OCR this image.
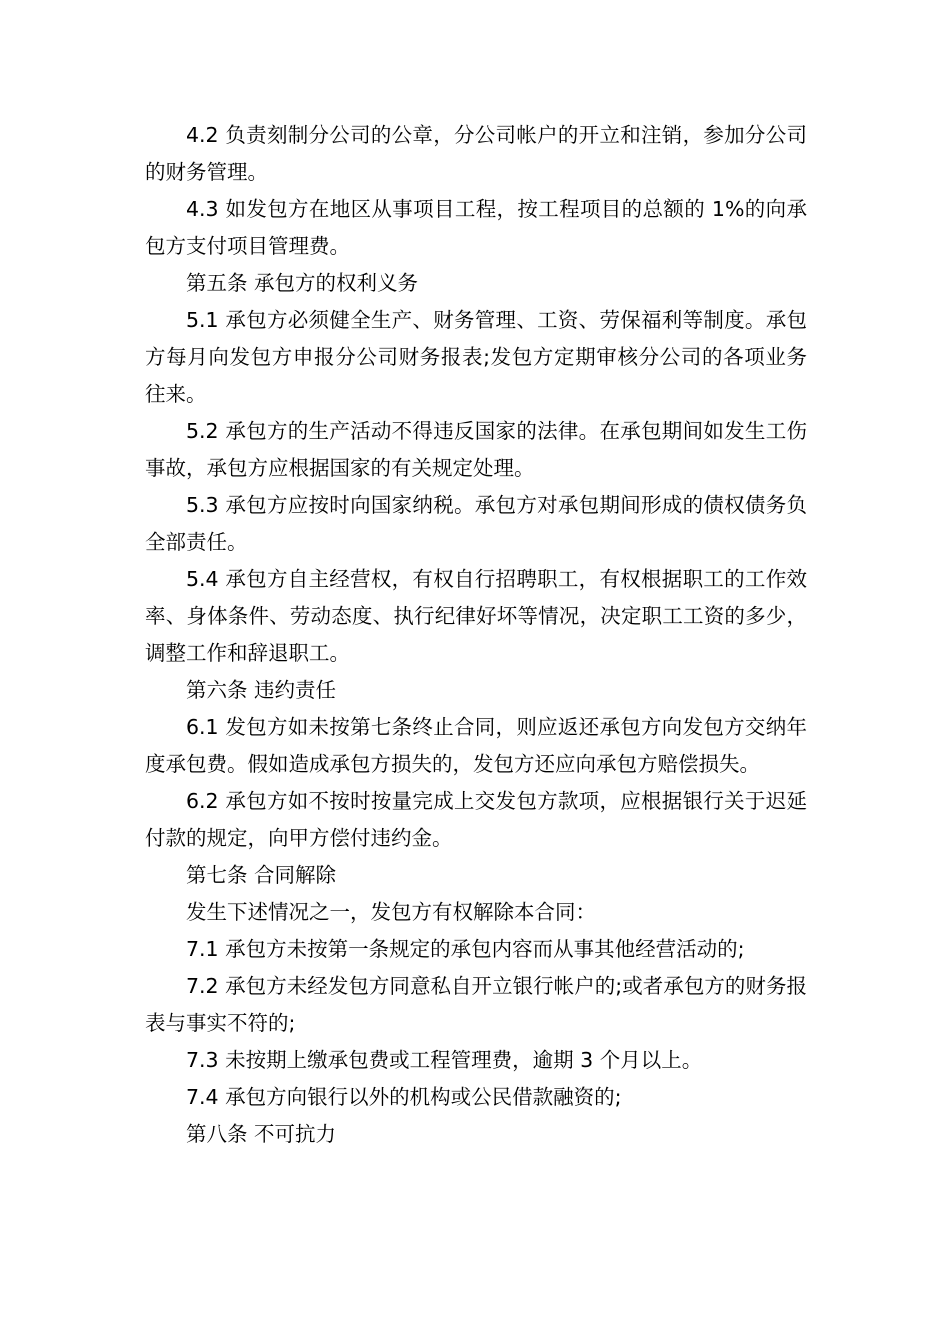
4.2 负责刻制分公司的公章，分公司帐户的开立和注销，参加分公司的财务管理。

4.3 如发包方在地区从事项目工程，按工程项目的总额的 1%的向承包方支付项目管理费。

第五条 承包方的权利义务

5.1 承包方必须健全生产、财务管理、工资、劳保福利等制度。承包方每月向发包方申报分公司财务报表;发包方定期审核分公司的各项业务往来。

5.2 承包方的生产活动不得违反国家的法律。在承包期间如发生工伤事故，承包方应根据国家的有关规定处理。

5.3 承包方应按时向国家纳税。承包方对承包期间形成的债权债务负全部责任。

5.4 承包方自主经营权，有权自行招聘职工，有权根据职工的工作效率、身体条件、劳动态度、执行纪律好坏等情况，决定职工工资的多少，调整工作和辞退职工。

第六条 违约责任

6.1 发包方如未按第七条终止合同，则应返还承包方向发包方交纳年度承包费。假如造成承包方损失的，发包方还应向承包方赔偿损失。

6.2 承包方如不按时按量完成上交发包方款项，应根据银行关于迟延付款的规定，向甲方偿付违约金。

第七条 合同解除

发生下述情况之一，发包方有权解除本合同：

7.1 承包方未按第一条规定的承包内容而从事其他经营活动的;

7.2 承包方未经发包方同意私自开立银行帐户的;或者承包方的财务报表与事实不符的;

7.3 未按期上缴承包费或工程管理费，逾期 3 个月以上。

7.4 承包方向银行以外的机构或公民借款融资的;

第八条 不可抗力
